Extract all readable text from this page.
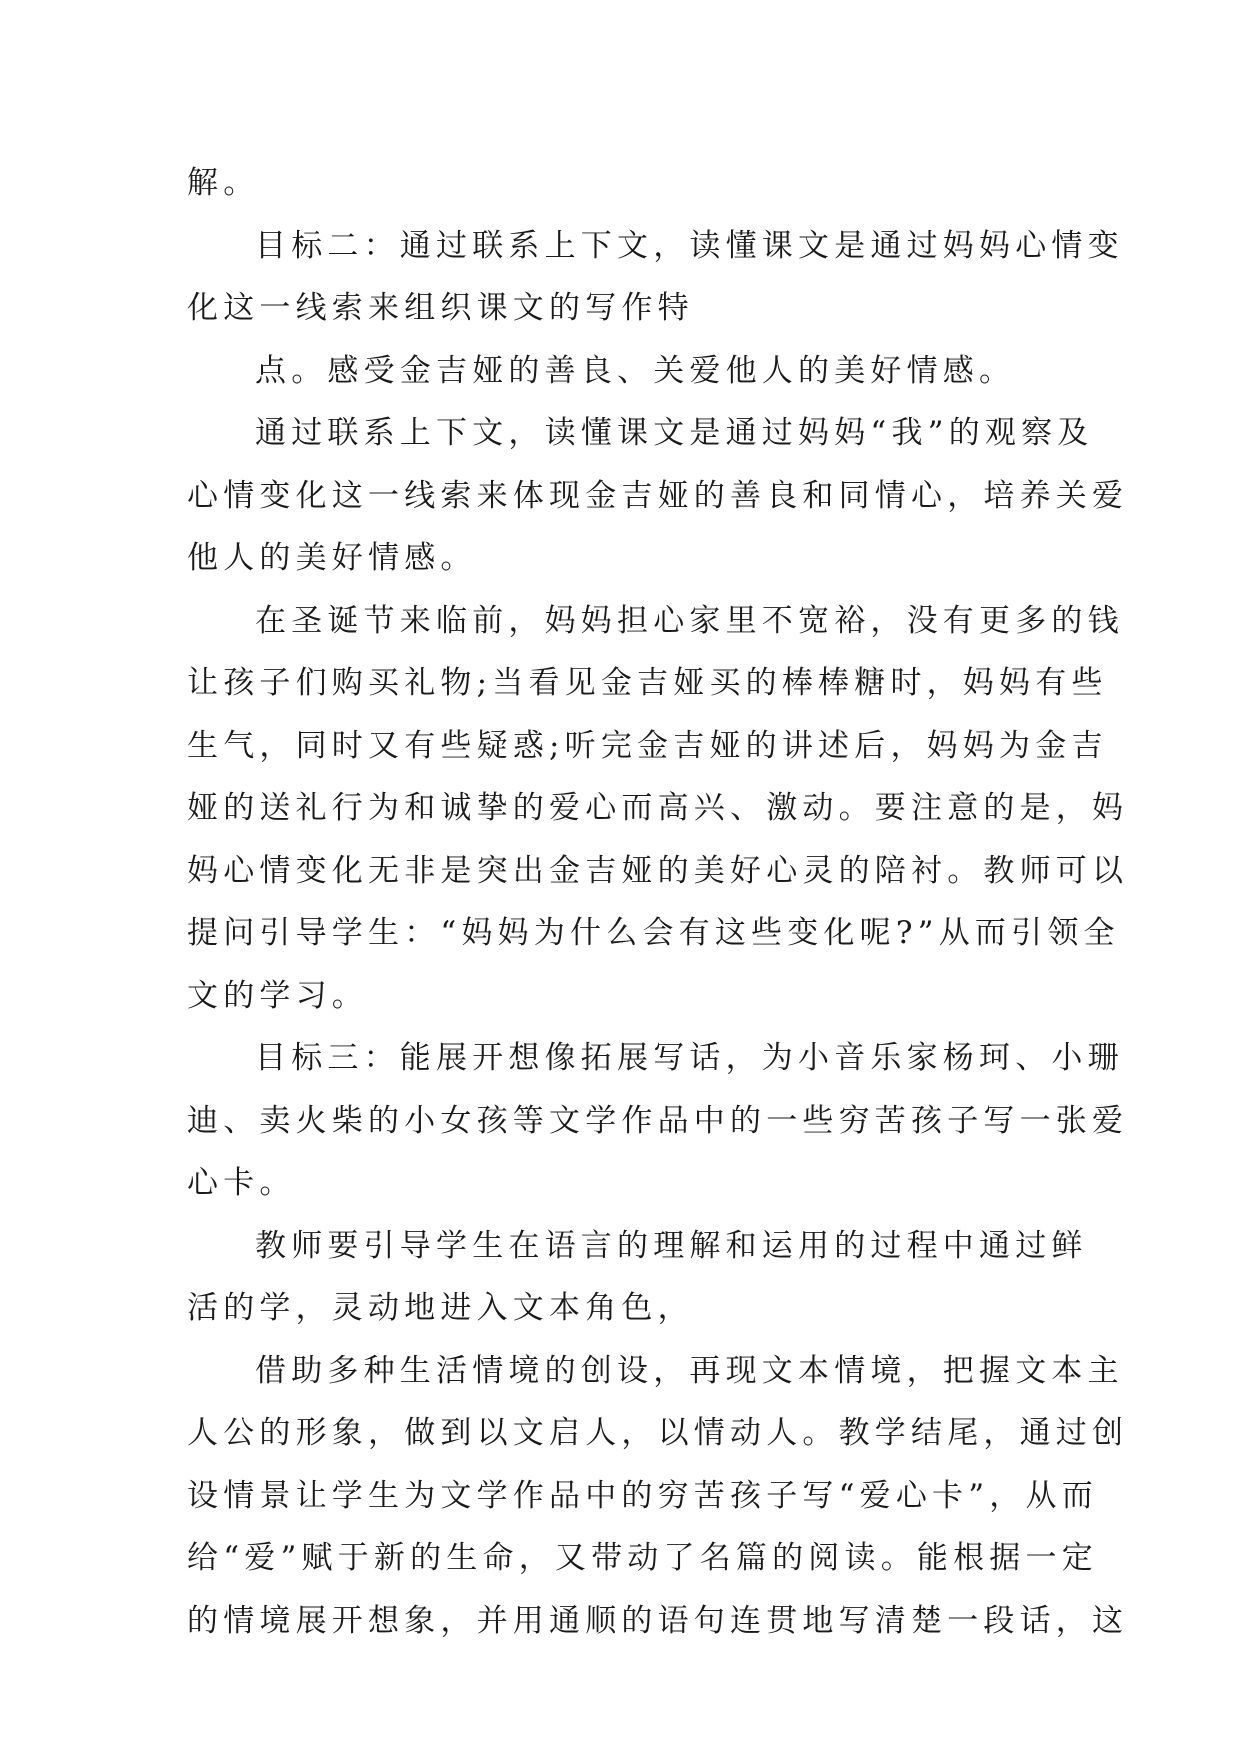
解。
目标二：通过联系上下文，读懂课文是通过妈妈心情变
化这一线索来组织课文的写作特
点。感受金吉娅的善良、关爱他人的美好情感。
通过联系上下文，读懂课文是通过妈妈“我”的观察及
心情变化这一线索来体现金吉娅的善良和同情心，培养关爱
他人的美好情感。
在圣诞节来临前，妈妈担心家里不宽裕，没有更多的钱
让孩子们购买礼物;当看见金吉娅买的棒棒糖时，妈妈有些
生气，同时又有些疑惑;听完金吉娅的讲述后，妈妈为金吉
娅的送礼行为和诚挚的爱心而高兴、激动。要注意的是，妈
妈心情变化无非是突出金吉娅的美好心灵的陪衬。教师可以
提问引导学生：“妈妈为什么会有这些变化呢?”从而引领全
文的学习。
目标三：能展开想像拓展写话，为小音乐家杨珂、小珊
迪、卖火柴的小女孩等文学作品中的一些穷苦孩子写一张爱
心卡。
教师要引导学生在语言的理解和运用的过程中通过鲜
活的学，灵动地进入文本角色，
借助多种生活情境的创设，再现文本情境，把握文本主
人公的形象，做到以文启人，以情动人。教学结尾，通过创
设情景让学生为文学作品中的穷苦孩子写“爱心卡”，从而
给“爱”赋于新的生命，又带动了名篇的阅读。能根据一定
的情境展开想象，并用通顺的语句连贯地写清楚一段话，这
